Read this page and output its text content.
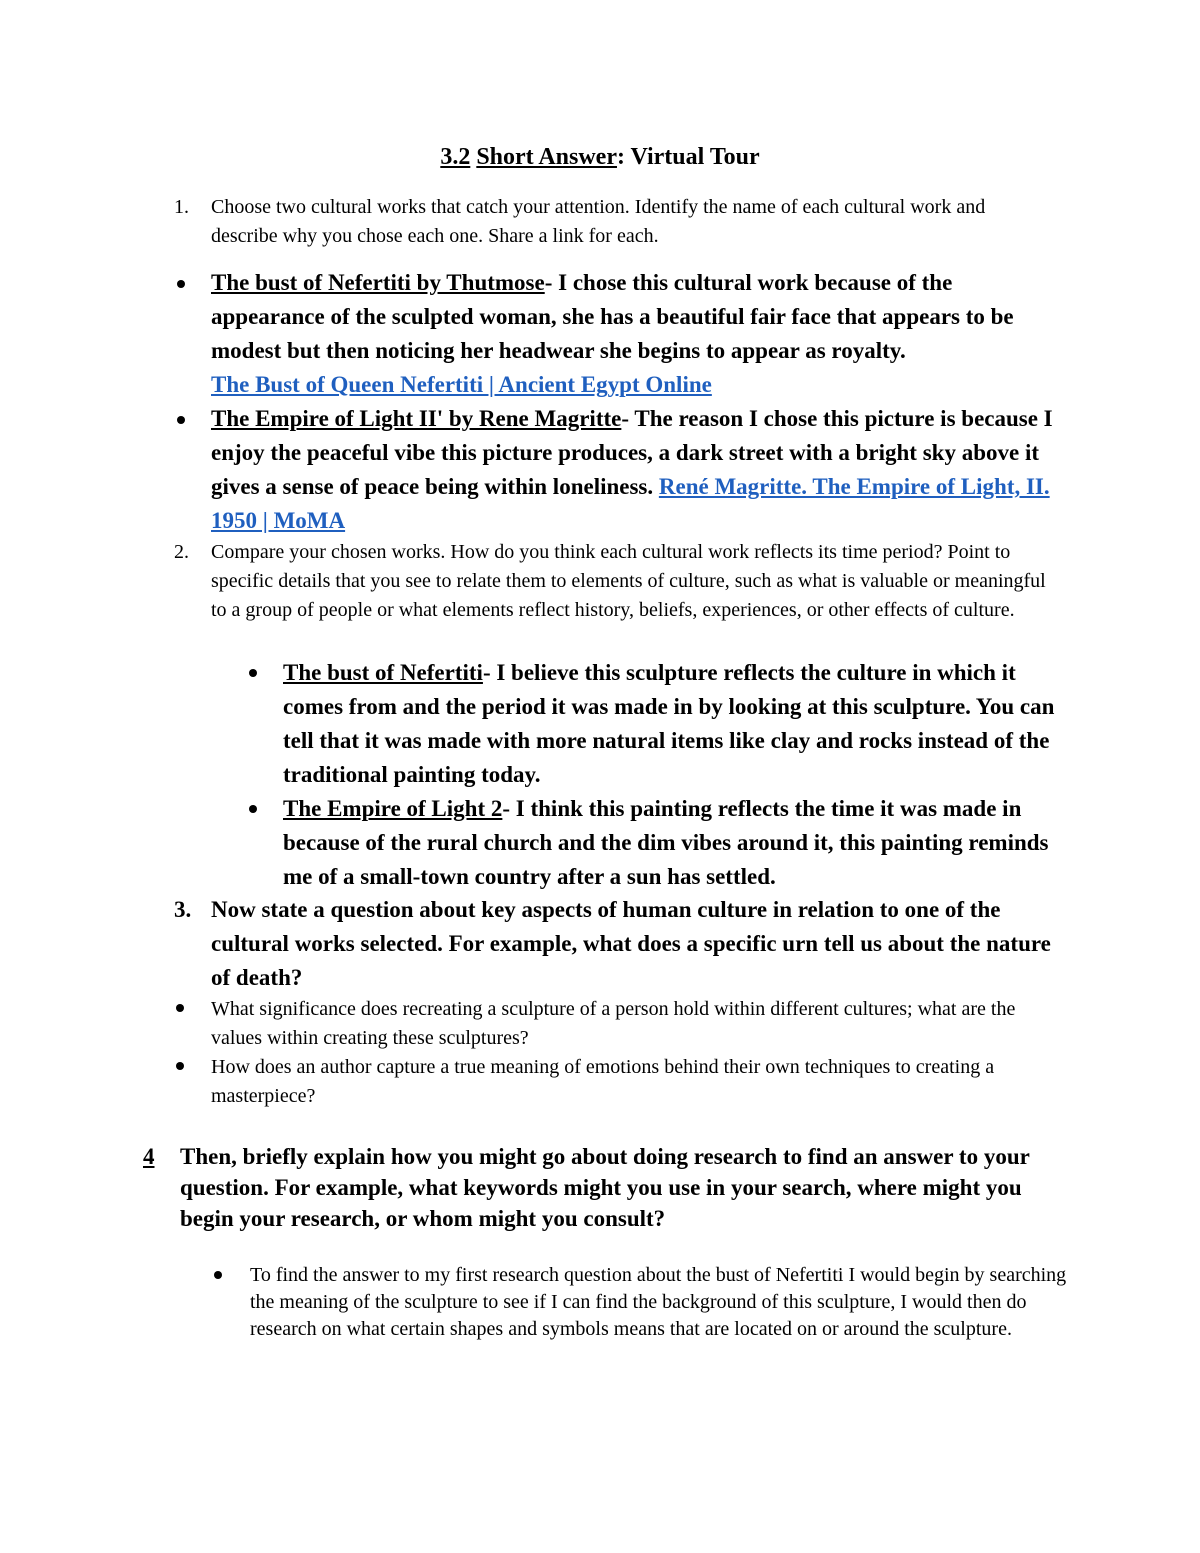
3.2 Short Answer: Virtual Tour
1. Choose two cultural works that catch your attention. Identify the name of each cultural work and describe why you chose each one. Share a link for each.
The bust of Nefertiti by Thutmose- I chose this cultural work because of the appearance of the sculpted woman, she has a beautiful fair face that appears to be modest but then noticing her headwear she begins to appear as royalty.
The Bust of Queen Nefertiti | Ancient Egypt Online
The Empire of Light II' by Rene Magritte- The reason I chose this picture is because I enjoy the peaceful vibe this picture produces, a dark street with a bright sky above it gives a sense of peace being within loneliness. René Magritte. The Empire of Light, II. 1950 | MoMA
2. Compare your chosen works. How do you think each cultural work reflects its time period? Point to specific details that you see to relate them to elements of culture, such as what is valuable or meaningful to a group of people or what elements reflect history, beliefs, experiences, or other effects of culture.
The bust of Nefertiti- I believe this sculpture reflects the culture in which it comes from and the period it was made in by looking at this sculpture. You can tell that it was made with more natural items like clay and rocks instead of the traditional painting today.
The Empire of Light 2- I think this painting reflects the time it was made in because of the rural church and the dim vibes around it, this painting reminds me of a small-town country after a sun has settled.
3. Now state a question about key aspects of human culture in relation to one of the cultural works selected. For example, what does a specific urn tell us about the nature of death?
What significance does recreating a sculpture of a person hold within different cultures; what are the values within creating these sculptures?
How does an author capture a true meaning of emotions behind their own techniques to creating a masterpiece?
4	Then, briefly explain how you might go about doing research to find an answer to your question. For example, what keywords might you use in your search, where might you begin your research, or whom might you consult?
To find the answer to my first research question about the bust of Nefertiti I would begin by searching the meaning of the sculpture to see if I can find the background of this sculpture, I would then do research on what certain shapes and symbols means that are located on or around the sculpture.
